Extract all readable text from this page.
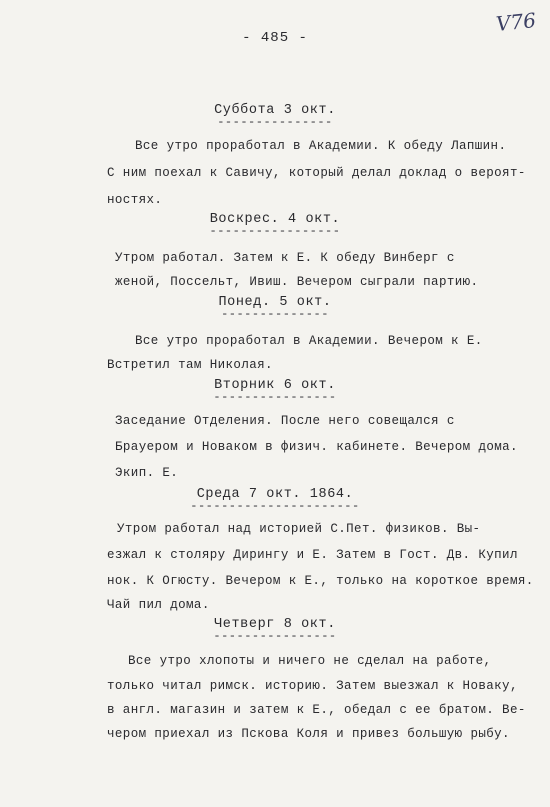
- 485 -
V76
Суббота 3 окт.
---------------
Все утро проработал в Академии. К обеду Лапшин.
С ним поехал к Савичу, который делал доклад о вероят-
ностях.
Воскрес. 4 окт.
-----------------
Утром работал. Затем к Е. К обеду Винберг с
женой, Поссельт, Ивиш. Вечером сыграли партию.
Понед. 5 окт.
--------------
Все утро проработал в Академии. Вечером к Е.
Встретил там Николая.
Вторник 6 окт.
----------------
Заседание Отделения. После него совещался с
Брауером и Новаком в физич. кабинете. Вечером дома.
Экип. Е.
Среда 7 окт. 1864.
----------------------
Утром работал над историей С.Пет. физиков. Вы-
езжал к столяру Дирингу и Е. Затем в Гост. Дв. Купил
нок. К Огюсту. Вечером к Е., только на короткое время.
Чай пил дома.
Четверг 8 окт.
----------------
Все утро хлопоты и ничего не сделал на работе,
только читал римск. историю. Затем выезжал к Новаку,
в англ. магазин и затем к Е., обедал с ее братом. Ве-
чером приехал из Пскова Коля и привез большую рыбу.
